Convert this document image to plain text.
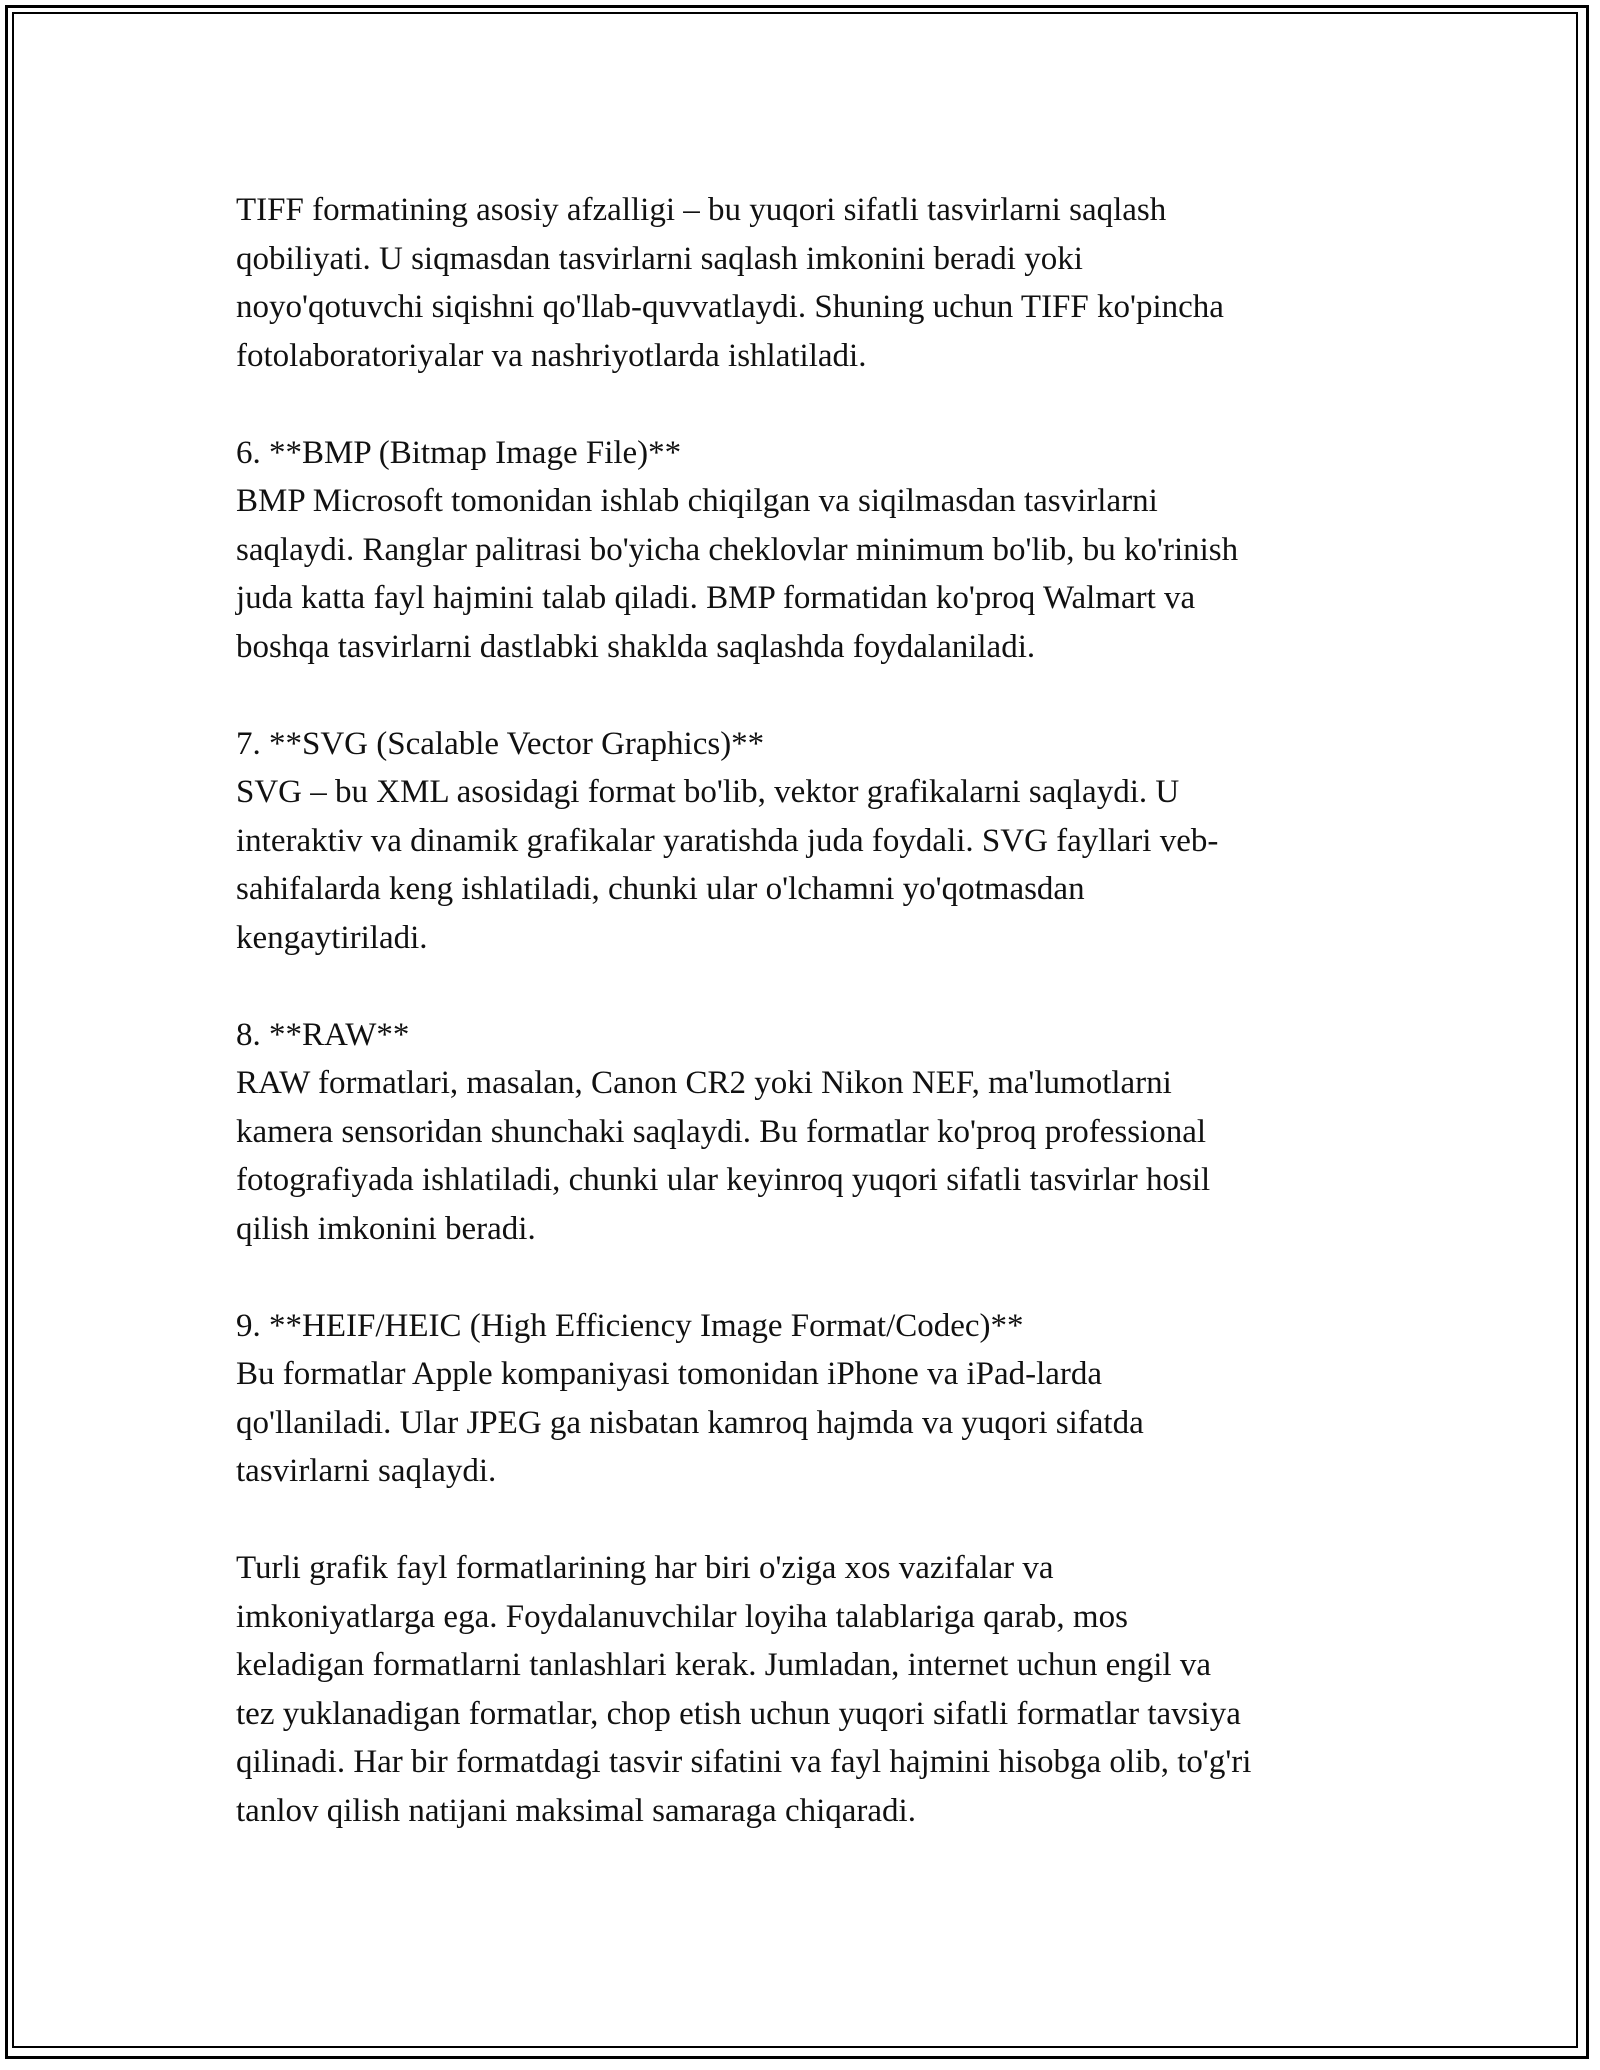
TIFF formatining asosiy afzalligi – bu yuqori sifatli tasvirlarni saqlash
qobiliyati. U siqmasdan tasvirlarni saqlash imkonini beradi yoki
noyo'qotuvchi siqishni qo'llab-quvvatlaydi. Shuning uchun TIFF ko'pincha
fotolaboratoriyalar va nashriyotlarda ishlatiladi.

6. **BMP (Bitmap Image File)**
BMP Microsoft tomonidan ishlab chiqilgan va siqilmasdan tasvirlarni
saqlaydi. Ranglar palitrasi bo'yicha cheklovlar minimum bo'lib, bu ko'rinish
juda katta fayl hajmini talab qiladi. BMP formatidan ko'proq Walmart va
boshqa tasvirlarni dastlabki shaklda saqlashda foydalaniladi.

7. **SVG (Scalable Vector Graphics)**
SVG – bu XML asosidagi format bo'lib, vektor grafikalarni saqlaydi. U
interaktiv va dinamik grafikalar yaratishda juda foydali. SVG fayllari veb-
sahifalarda keng ishlatiladi, chunki ular o'lchamni yo'qotmasdan
kengaytiriladi.

8. **RAW**
RAW formatlari, masalan, Canon CR2 yoki Nikon NEF, ma'lumotlarni
kamera sensoridan shunchaki saqlaydi. Bu formatlar ko'proq professional
fotografiyada ishlatiladi, chunki ular keyinroq yuqori sifatli tasvirlar hosil
qilish imkonini beradi.

9. **HEIF/HEIC (High Efficiency Image Format/Codec)**
Bu formatlar Apple kompaniyasi tomonidan iPhone va iPad-larda
qo'llaniladi. Ular JPEG ga nisbatan kamroq hajmda va yuqori sifatda
tasvirlarni saqlaydi.

Turli grafik fayl formatlarining har biri o'ziga xos vazifalar va
imkoniyatlarga ega. Foydalanuvchilar loyiha talablariga qarab, mos
keladigan formatlarni tanlashlari kerak. Jumladan, internet uchun engil va
tez yuklanadigan formatlar, chop etish uchun yuqori sifatli formatlar tavsiya
qilinadi. Har bir formatdagi tasvir sifatini va fayl hajmini hisobga olib, to'g'ri
tanlov qilish natijani maksimal samaraga chiqaradi.
